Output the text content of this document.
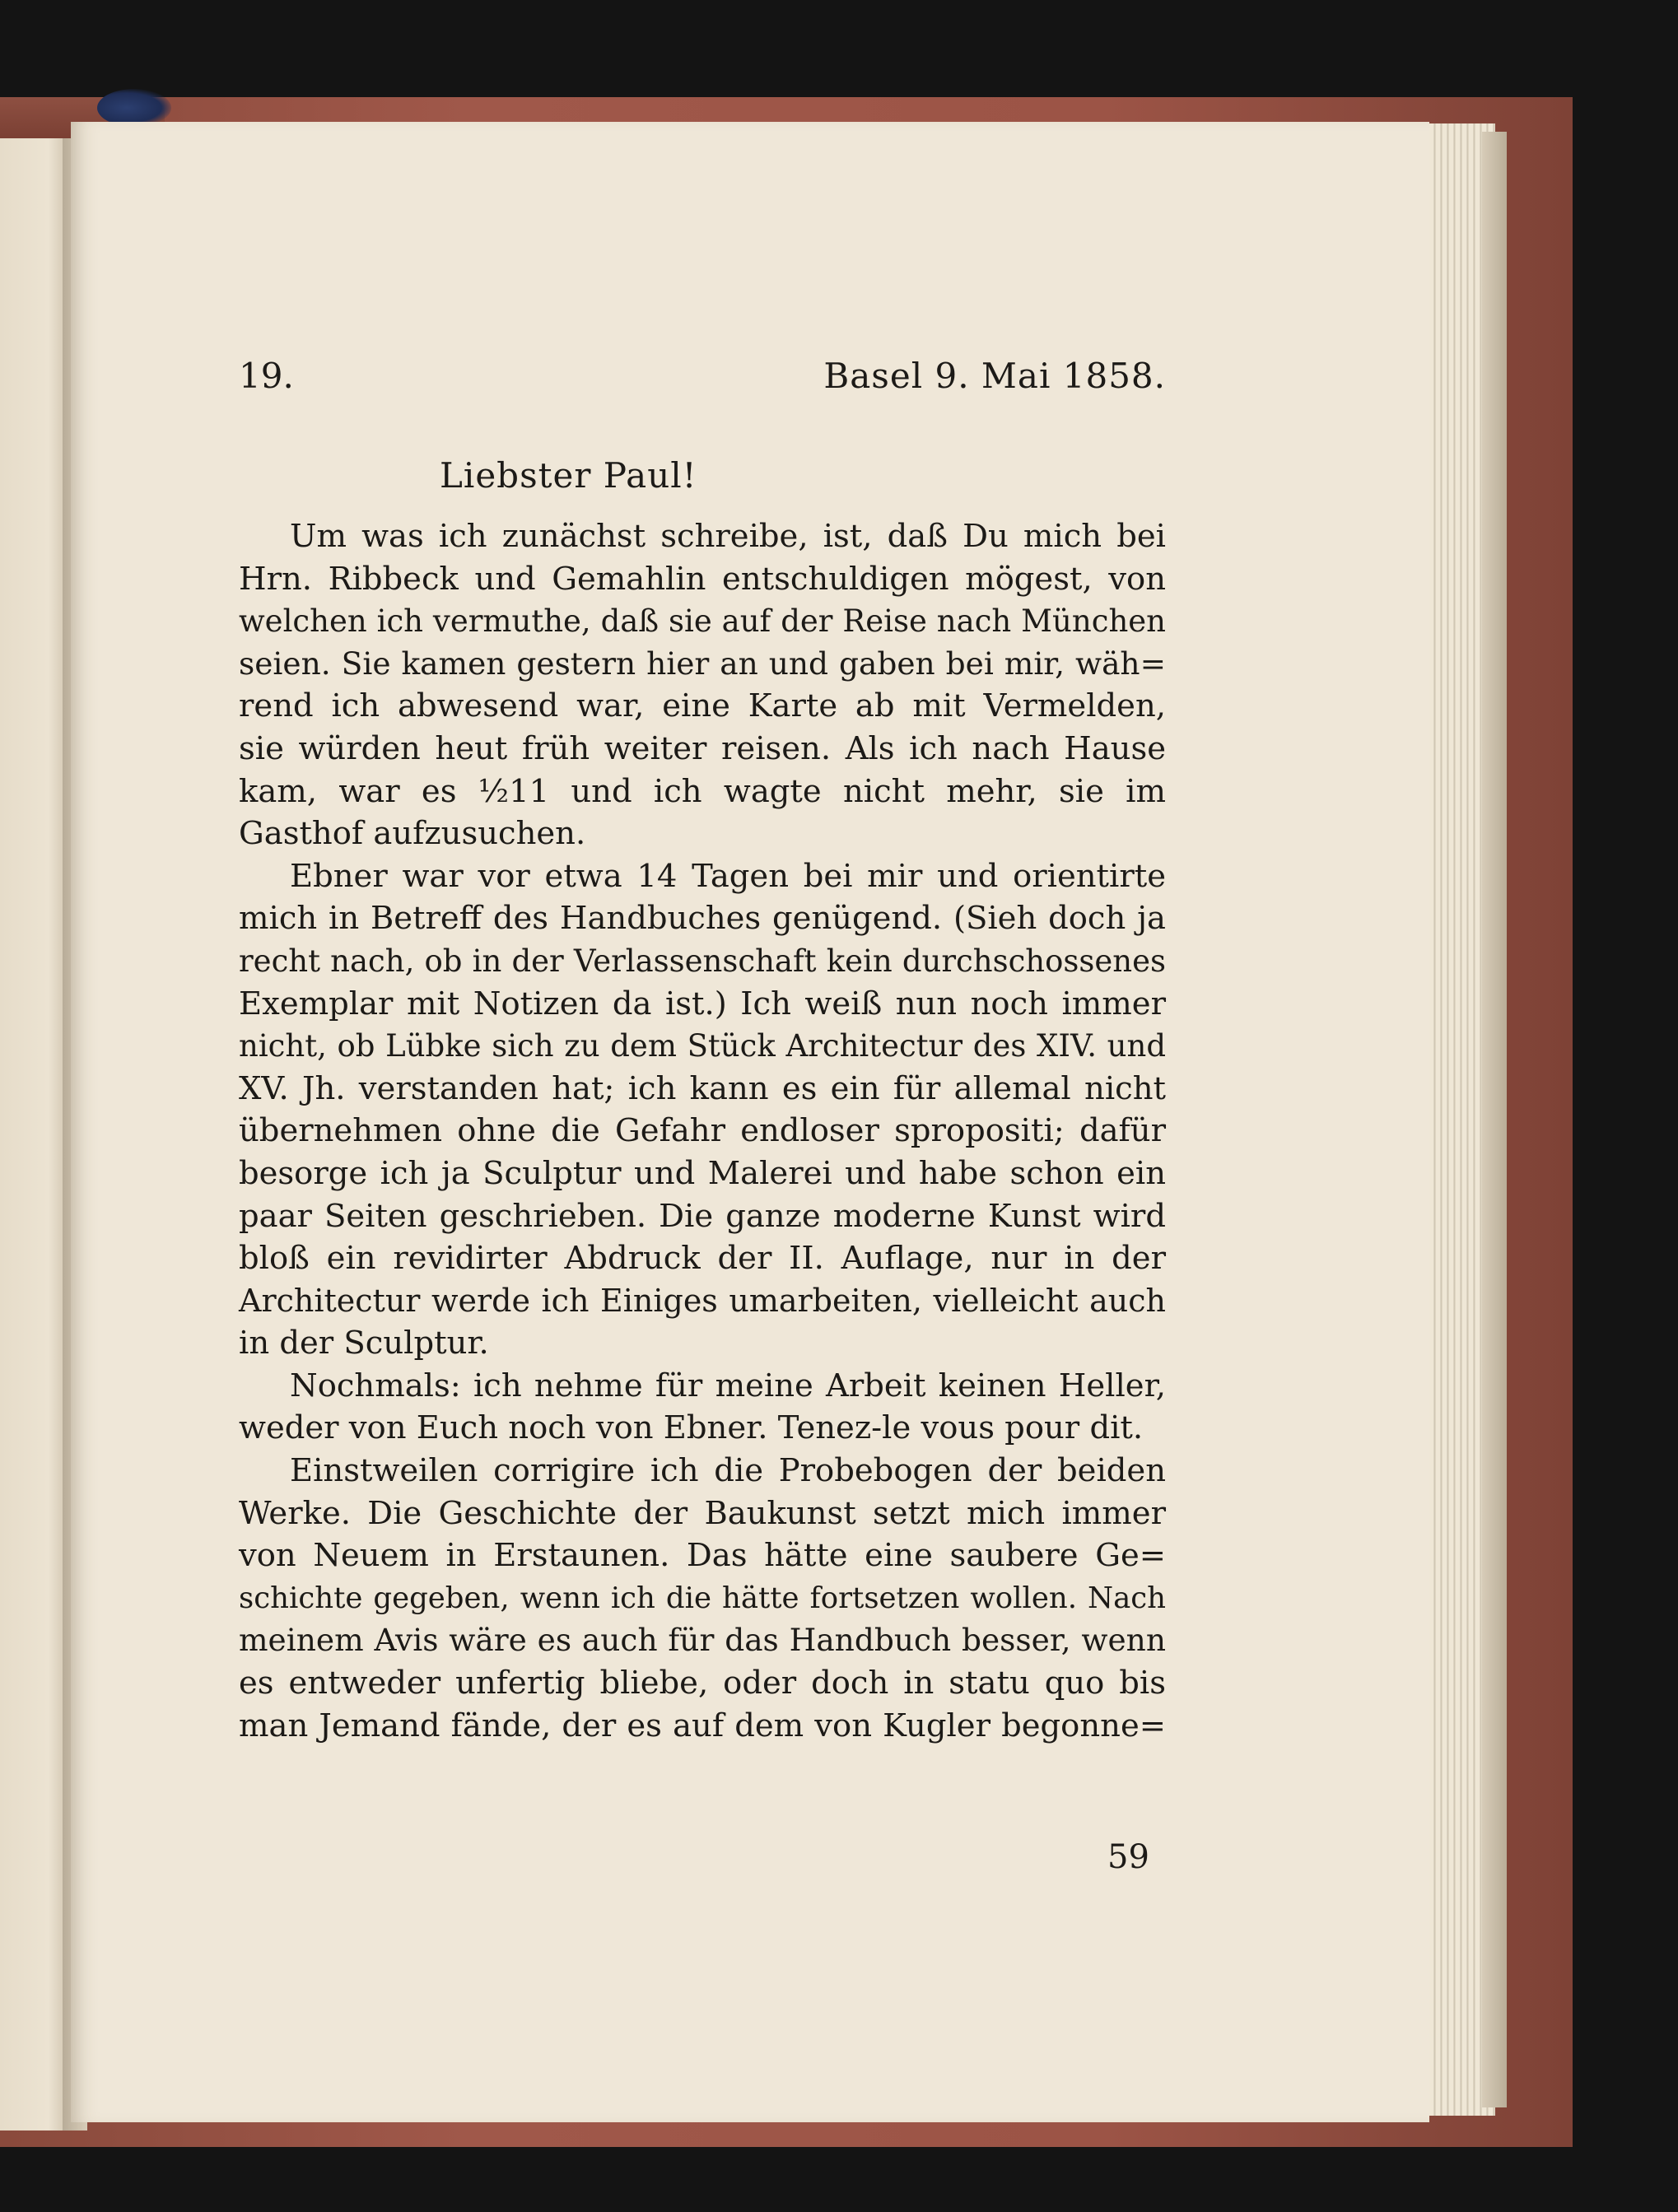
19.	Basel 9. Mai 1858.
Liebster Paul!
Um was ich zunächst schreibe, ist, daß Du mich bei
Hrn. Ribbeck und Gemahlin entschuldigen mögest, von
welchen ich vermuthe, daß sie auf der Reise nach München
seien. Sie kamen gestern hier an und gaben bei mir, wäh=
rend ich abwesend war, eine Karte ab mit Vermelden,
sie würden heut früh weiter reisen. Als ich nach Hause
kam, war es ½11 und ich wagte nicht mehr, sie im
Gasthof aufzusuchen.
Ebner war vor etwa 14 Tagen bei mir und orientirte
mich in Betreff des Handbuches genügend. (Sieh doch ja
recht nach, ob in der Verlassenschaft kein durchschossenes
Exemplar mit Notizen da ist.) Ich weiß nun noch immer
nicht, ob Lübke sich zu dem Stück Architectur des XIV. und
XV. Jh. verstanden hat; ich kann es ein für allemal nicht
übernehmen ohne die Gefahr endloser spropositi; dafür
besorge ich ja Sculptur und Malerei und habe schon ein
paar Seiten geschrieben. Die ganze moderne Kunst wird
bloß ein revidirter Abdruck der II. Auflage, nur in der
Architectur werde ich Einiges umarbeiten, vielleicht auch
in der Sculptur.
Nochmals: ich nehme für meine Arbeit keinen Heller,
weder von Euch noch von Ebner. Tenez-le vous pour dit.
Einstweilen corrigire ich die Probebogen der beiden
Werke. Die Geschichte der Baukunst setzt mich immer
von Neuem in Erstaunen. Das hätte eine saubere Ge=
schichte gegeben, wenn ich die hätte fortsetzen wollen. Nach
meinem Avis wäre es auch für das Handbuch besser, wenn
es entweder unfertig bliebe, oder doch in statu quo bis
man Jemand fände, der es auf dem von Kugler begonne=
59
